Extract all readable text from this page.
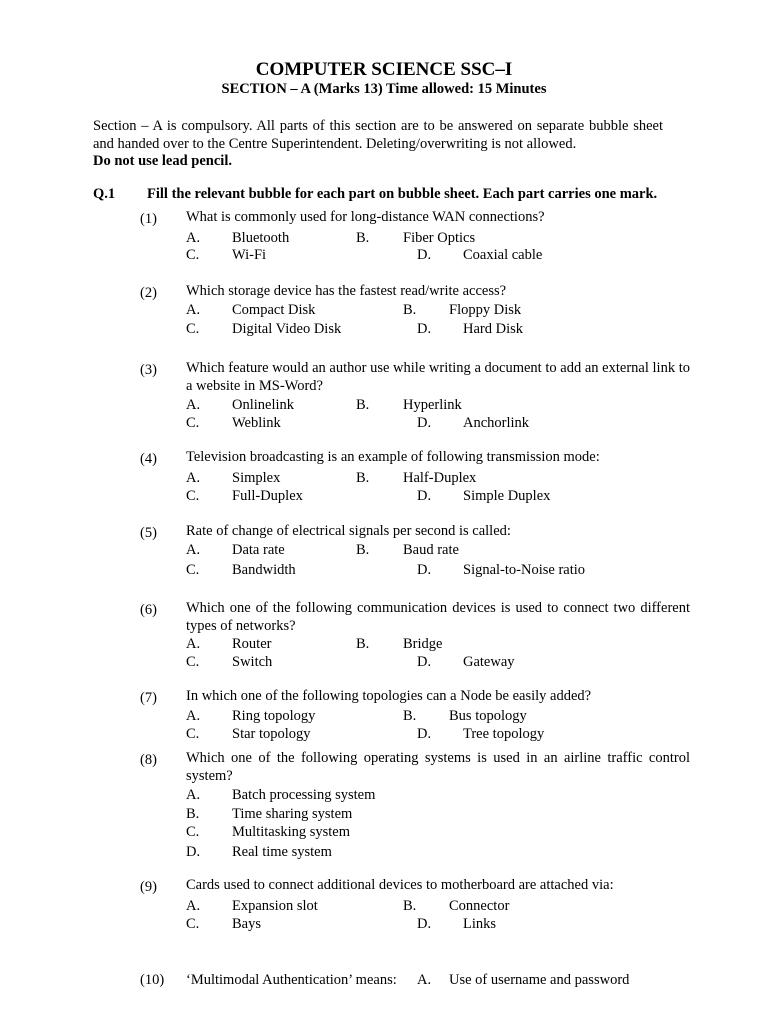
COMPUTER SCIENCE SSC–I
SECTION – A (Marks 13) Time allowed: 15 Minutes
Section – A is compulsory. All parts of this section are to be answered on separate bubble sheet and handed over to the Centre Superintendent. Deleting/overwriting is not allowed.
Do not use lead pencil.
Q.1 Fill the relevant bubble for each part on bubble sheet. Each part carries one mark.
(1) What is commonly used for long-distance WAN connections?
A. Bluetooth	B. Fiber Optics
C. Wi-Fi	D. Coaxial cable
(2) Which storage device has the fastest read/write access?
A. Compact Disk	B. Floppy Disk
C. Digital Video Disk	D. Hard Disk
(3) Which feature would an author use while writing a document to add an external link to a website in MS-Word?
A. Onlinelink	B. Hyperlink
C. Weblink	D. Anchorlink
(4) Television broadcasting is an example of following transmission mode:
A. Simplex	B. Half-Duplex
C. Full-Duplex	D. Simple Duplex
(5) Rate of change of electrical signals per second is called:
A. Data rate	B. Baud rate
C. Bandwidth	D. Signal-to-Noise ratio
(6) Which one of the following communication devices is used to connect two different types of networks?
A. Router	B. Bridge
C. Switch	D. Gateway
(7) In which one of the following topologies can a Node be easily added?
A. Ring topology	B. Bus topology
C. Star topology	D. Tree topology
(8) Which one of the following operating systems is used in an airline traffic control system?
A. Batch processing system
B. Time sharing system
C. Multitasking system
D. Real time system
(9) Cards used to connect additional devices to motherboard are attached via:
A. Expansion slot	B. Connector
C. Bays	D. Links
(10) ‘Multimodal Authentication’ means: A. Use of username and password
